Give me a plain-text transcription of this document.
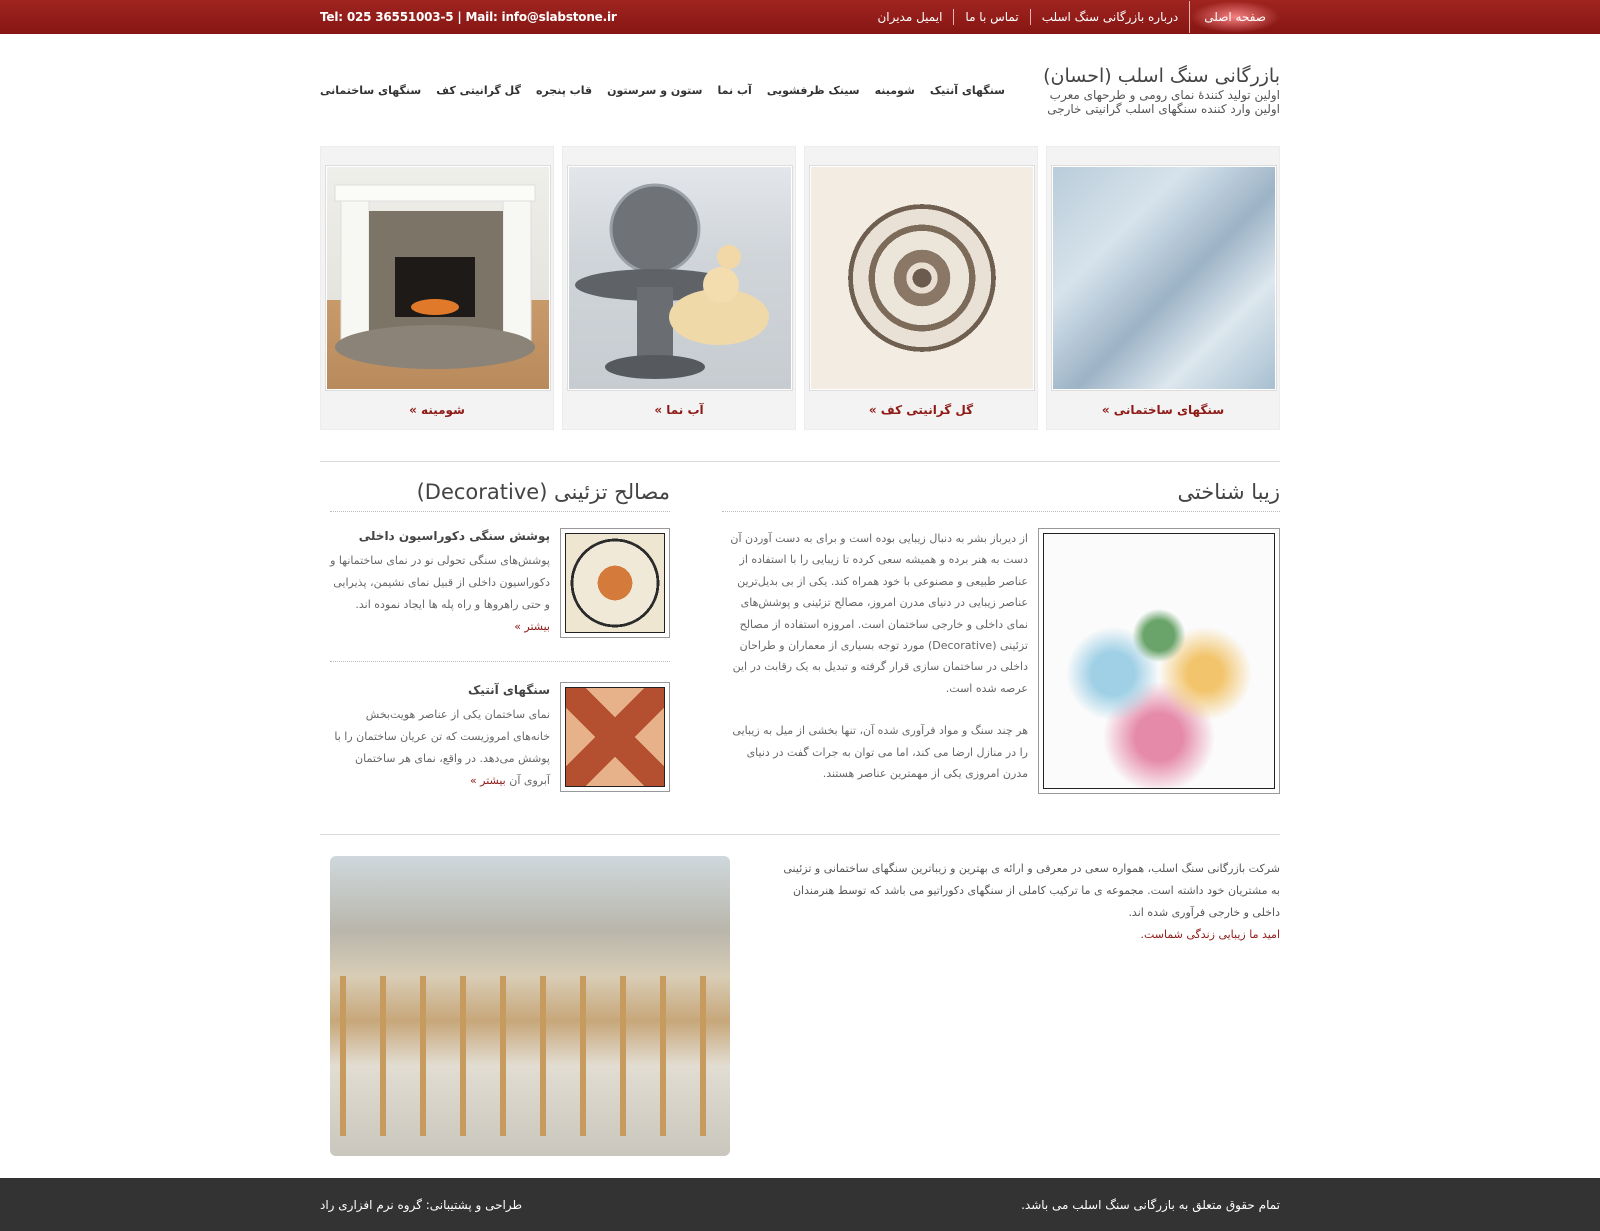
Tel: 025 36551003-5 | Mail: info@slabstone.ir	صفحه اصلی
درباره بازرگانی سنگ اسلب
تماس با ما
ایمیل مدیران
بازرگانی سنگ اسلب (احسان)
اولین تولید کنندۀ نمای رومی و طرحهای معرب
اولین وارد کننده سنگهای اسلب گرانیتی خارجی
سنگهای ساختمانی گل گرانیتی کف قاب پنجره ستون و سرستون آب نما سینک ظرفشویی شومینه سنگهای آنتیک
سنگهای ساختمانی »
گل گرانیتی کف »
آب نما »
شومینه »
زیبا شناختی

از دیرباز بشر به دنبال زیبایی بوده است و برای به دست آوردن آن دست به هنر برده و همیشه سعی کرده تا زیبایی را با استفاده از عناصر طبیعی و مصنوعی با خود همراه کند. یکی از بی بدیل‌ترین عناصر زیبایی در دنیای مدرن امروز، مصالح تزئینی و پوشش‌های نمای داخلی و خارجی ساختمان است. امروزه استفاده از مصالح تزئینی (Decorative) مورد توجه بسیاری از معماران و طراحان داخلی در ساختمان سازی قرار گرفته و تبدیل به یک رقابت در این عرصه شده است.

هر چند سنگ و مواد فرآوری شده آن، تنها بخشی از میل به زیبایی را در منازل ارضا می کند، اما می توان به جرات گفت در دنیای مدرن امروزی یکی از مهمترین عناصر هستند.

مصالح تزئینی (Decorative)
پوشش سنگی دکوراسیون داخلی
پوشش‌های سنگی تحولی نو در نمای ساختمانها و دکوراسیون داخلی از قبیل نمای نشیمن، پذیرایی و حتی راهروها و راه پله ها ایجاد نموده اند. بیشتر »
سنگهای آنتیک
نمای ساختمان یکی از عناصر هویت‌بخش خانه‌های امروزیست که تن عریان ساختمان را با پوشش می‌دهد. در واقع، نمای هر ساختمان آبروی آن بیشتر »

شرکت بازرگانی سنگ اسلب، همواره سعی در معرفی و ارائه ی بهترین و زیباترین سنگهای ساختمانی و تزئینی به مشتریان خود داشته است. مجموعه ی ما ترکیب کاملی از سنگهای دکوراتیو می باشد که توسط هنرمندان داخلی و خارجی فرآوری شده اند.

امید ما زیبایی زندگی شماست.

تمام حقوق متعلق به بازرگانی سنگ اسلب می باشد.
طراحی و پشتیبانی: گروه نرم افزاری راد
